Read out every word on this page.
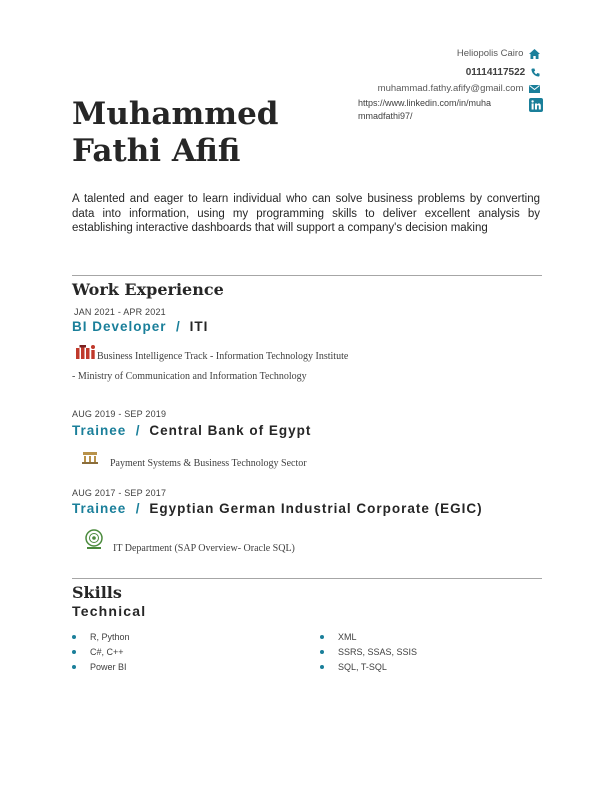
Heliopolis Cairo
01114117522
muhammad.fathy.afify@gmail.com
https://www.linkedin.com/in/muhammadfathi97/
Muhammed
Fathi Afifi
A talented and eager to learn individual who can solve business problems by converting data into information, using my programming skills to deliver excellent analysis by establishing interactive dashboards that will support a company's decision making
Work Experience
JAN 2021 - APR 2021
BI Developer  / ITI
Business Intelligence Track - Information Technology Institute
- Ministry of Communication and Information Technology
AUG 2019 - SEP 2019
Trainee  / Central Bank of Egypt
Payment Systems & Business Technology Sector
AUG 2017 - SEP 2017
Trainee  / Egyptian German Industrial Corporate (EGIC)
IT Department (SAP Overview- Oracle SQL)
Skills
Technical
R, Python
C#, C++
Power BI
XML
SSRS, SSAS, SSIS
SQL, T-SQL
